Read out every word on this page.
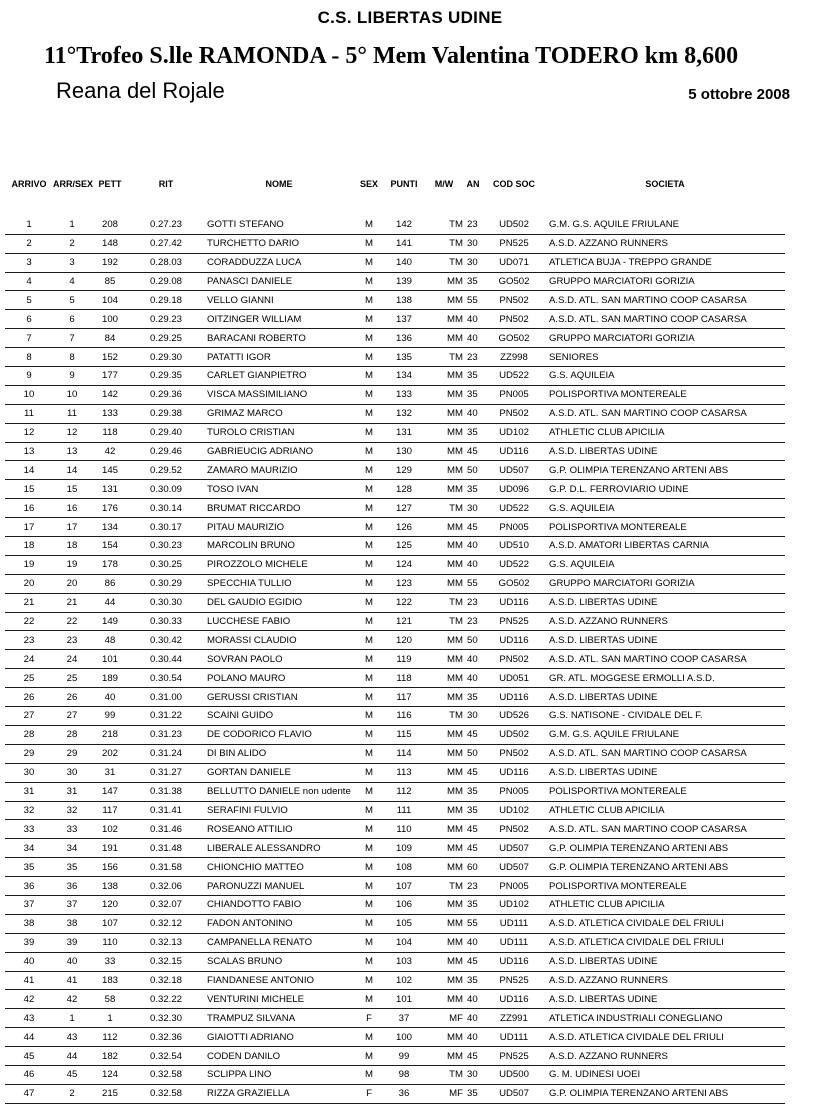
C.S. LIBERTAS UDINE
11°Trofeo S.lle RAMONDA - 5° Mem Valentina TODERO km 8,600
Reana del Rojale	5 ottobre 2008
ARRIVO	ARR/SEX	PETT	RIT	NOME	SEX	PUNTI	M/W	AN	COD SOC	SOCIETA

1	1	208	0.27.23	GOTTI STEFANO	M	142	TM	23	UD502	G.M. G.S. AQUILE FRIULANE
2	2	148	0.27.42	TURCHETTO DARIO	M	141	TM	30	PN525	A.S.D. AZZANO RUNNERS
3	3	192	0.28.03	CORADDUZZA LUCA	M	140	TM	30	UD071	ATLETICA BUJA - TREPPO GRANDE
4	4	85	0.29.08	PANASCI DANIELE	M	139	MM	35	GO502	GRUPPO MARCIATORI GORIZIA
5	5	104	0.29.18	VELLO GIANNI	M	138	MM	55	PN502	A.S.D. ATL. SAN MARTINO COOP CASARSA
6	6	100	0.29.23	OITZINGER WILLIAM	M	137	MM	40	PN502	A.S.D. ATL. SAN MARTINO COOP CASARSA
7	7	84	0.29.25	BARACANI ROBERTO	M	136	MM	40	GO502	GRUPPO MARCIATORI GORIZIA
8	8	152	0.29.30	PATATTI IGOR	M	135	TM	23	ZZ998	SENIORES
9	9	177	0.29.35	CARLET GIANPIETRO	M	134	MM	35	UD522	G.S. AQUILEIA
10	10	142	0.29.36	VISCA MASSIMILIANO	M	133	MM	35	PN005	POLISPORTIVA MONTEREALE
11	11	133	0.29.38	GRIMAZ MARCO	M	132	MM	40	PN502	A.S.D. ATL. SAN MARTINO COOP CASARSA
12	12	118	0.29.40	TUROLO CRISTIAN	M	131	MM	35	UD102	ATHLETIC CLUB APICILIA
13	13	42	0.29.46	GABRIEUCIG ADRIANO	M	130	MM	45	UD116	A.S.D. LIBERTAS UDINE
14	14	145	0.29.52	ZAMARO MAURIZIO	M	129	MM	50	UD507	G.P. OLIMPIA TERENZANO ARTENI ABS
15	15	131	0.30.09	TOSO IVAN	M	128	MM	35	UD096	G.P. D.L. FERROVIARIO UDINE
16	16	176	0.30.14	BRUMAT RICCARDO	M	127	TM	30	UD522	G.S. AQUILEIA
17	17	134	0.30.17	PITAU MAURIZIO	M	126	MM	45	PN005	POLISPORTIVA MONTEREALE
18	18	154	0.30.23	MARCOLIN BRUNO	M	125	MM	40	UD510	A.S.D. AMATORI LIBERTAS CARNIA
19	19	178	0.30.25	PIROZZOLO MICHELE	M	124	MM	40	UD522	G.S. AQUILEIA
20	20	86	0.30.29	SPECCHIA TULLIO	M	123	MM	55	GO502	GRUPPO MARCIATORI GORIZIA
21	21	44	0.30.30	DEL GAUDIO EGIDIO	M	122	TM	23	UD116	A.S.D. LIBERTAS UDINE
22	22	149	0.30.33	LUCCHESE FABIO	M	121	TM	23	PN525	A.S.D. AZZANO RUNNERS
23	23	48	0.30.42	MORASSI CLAUDIO	M	120	MM	50	UD116	A.S.D. LIBERTAS UDINE
24	24	101	0.30.44	SOVRAN PAOLO	M	119	MM	40	PN502	A.S.D. ATL. SAN MARTINO COOP CASARSA
25	25	189	0.30.54	POLANO MAURO	M	118	MM	40	UD051	GR. ATL. MOGGESE ERMOLLI A.S.D.
26	26	40	0.31.00	GERUSSI CRISTIAN	M	117	MM	35	UD116	A.S.D. LIBERTAS UDINE
27	27	99	0.31.22	SCAINI GUIDO	M	116	TM	30	UD526	G.S. NATISONE - CIVIDALE DEL F.
28	28	218	0.31.23	DE CODORICO FLAVIO	M	115	MM	45	UD502	G.M. G.S. AQUILE FRIULANE
29	29	202	0.31.24	DI BIN ALIDO	M	114	MM	50	PN502	A.S.D. ATL. SAN MARTINO COOP CASARSA
30	30	31	0.31.27	GORTAN DANIELE	M	113	MM	45	UD116	A.S.D. LIBERTAS UDINE
31	31	147	0.31.38	BELLUTTO DANIELE non udente	M	112	MM	35	PN005	POLISPORTIVA MONTEREALE
32	32	117	0.31.41	SERAFINI FULVIO	M	111	MM	35	UD102	ATHLETIC CLUB APICILIA
33	33	102	0.31.46	ROSEANO ATTILIO	M	110	MM	45	PN502	A.S.D. ATL. SAN MARTINO COOP CASARSA
34	34	191	0.31.48	LIBERALE ALESSANDRO	M	109	MM	45	UD507	G.P. OLIMPIA TERENZANO ARTENI ABS
35	35	156	0.31.58	CHIONCHIO MATTEO	M	108	MM	60	UD507	G.P. OLIMPIA TERENZANO ARTENI ABS
36	36	138	0.32.06	PARONUZZI MANUEL	M	107	TM	23	PN005	POLISPORTIVA MONTEREALE
37	37	120	0.32.07	CHIANDOTTO FABIO	M	106	MM	35	UD102	ATHLETIC CLUB APICILIA
38	38	107	0.32.12	FADON ANTONINO	M	105	MM	55	UD111	A.S.D. ATLETICA CIVIDALE DEL FRIULI
39	39	110	0.32.13	CAMPANELLA RENATO	M	104	MM	40	UD111	A.S.D. ATLETICA CIVIDALE DEL FRIULI
40	40	33	0.32.15	SCALAS BRUNO	M	103	MM	45	UD116	A.S.D. LIBERTAS UDINE
41	41	183	0.32.18	FIANDANESE ANTONIO	M	102	MM	35	PN525	A.S.D. AZZANO RUNNERS
42	42	58	0.32.22	VENTURINI MICHELE	M	101	MM	40	UD116	A.S.D. LIBERTAS UDINE
43	1	1	0.32.30	TRAMPUZ SILVANA	F	37	MF	40	ZZ991	ATLETICA INDUSTRIALI CONEGLIANO
44	43	112	0.32.36	GIAIOTTI ADRIANO	M	100	MM	40	UD111	A.S.D. ATLETICA CIVIDALE DEL FRIULI
45	44	182	0.32.54	CODEN DANILO	M	99	MM	45	PN525	A.S.D. AZZANO RUNNERS
46	45	124	0.32.58	SCLIPPA LINO	M	98	TM	30	UD500	G. M. UDINESI UOEI
47	2	215	0.32.58	RIZZA GRAZIELLA	F	36	MF	35	UD507	G.P. OLIMPIA TERENZANO ARTENI ABS
